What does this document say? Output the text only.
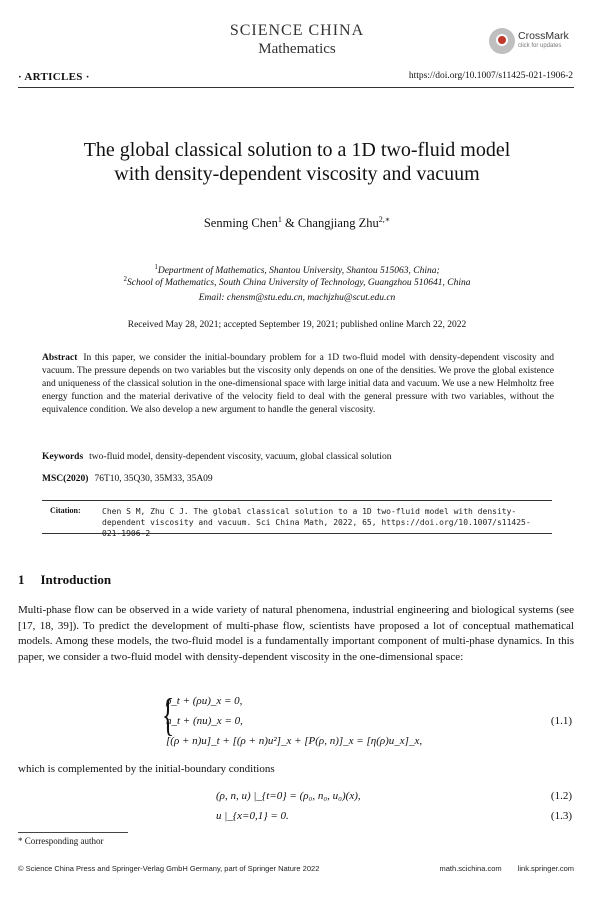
SCIENCE CHINA
Mathematics
CrossMark
click for updates
· ARTICLES ·	https://doi.org/10.1007/s11425-021-1906-2
The global classical solution to a 1D two-fluid model
with density-dependent viscosity and vacuum
Senming Chen$^1$ & Changjiang Zhu$^{2,∗}$
$^1$Department of Mathematics, Shantou University, Shantou 515063, China;
$^2$School of Mathematics, South China University of Technology, Guangzhou 510641, China
Email: chensm@stu.edu.cn, machjzhu@scut.edu.cn
Received May 28, 2021; accepted September 19, 2021; published online March 22, 2022
Abstract In this paper, we consider the initial-boundary problem for a 1D two-fluid model with density-dependent viscosity and vacuum. The pressure depends on two variables but the viscosity only depends on one of the densities. We prove the global existence and uniqueness of the classical solution in the one-dimensional space with large initial data and vacuum. We use a new Helmholtz free energy function and the material derivative of the velocity field to deal with the general pressure with two variables, without the equivalence condition. We also develop a new argument to handle the general viscosity.
Keywords two-fluid model, density-dependent viscosity, vacuum, global classical solution
MSC(2020) 76T10, 35Q30, 35M33, 35A09
Citation:	Chen S M, Zhu C J. The global classical solution to a 1D two-fluid model with density-dependent viscosity and vacuum. Sci China Math, 2022, 65, https://doi.org/10.1007/s11425-021-1906-2
1 Introduction
Multi-phase flow can be observed in a wide variety of natural phenomena, industrial engineering and biological systems (see [17, 18, 39]). To predict the development of multi-phase flow, scientists have proposed a lot of conceptual mathematical models. Among these models, the two-fluid model is a fundamentally important component of multi-phase dynamics. In this paper, we consider a two-fluid model with density-dependent viscosity in the one-dimensional space:
{
ρ_t + (ρu)_x = 0,
n_t + (nu)_x = 0,
[(ρ + n)u]_t + [(ρ + n)u²]_x + [P(ρ, n)]_x = [η(ρ)u_x]_x,
(1.1)
which is complemented by the initial-boundary conditions
(ρ, n, u) |_{t=0} = (ρ₀, n₀, u₀)(x),	(1.2)
u |_{x=0,1} = 0.	(1.3)
* Corresponding author
© Science China Press and Springer-Verlag GmbH Germany, part of Springer Nature 2022	math.scichina.com link.springer.com
